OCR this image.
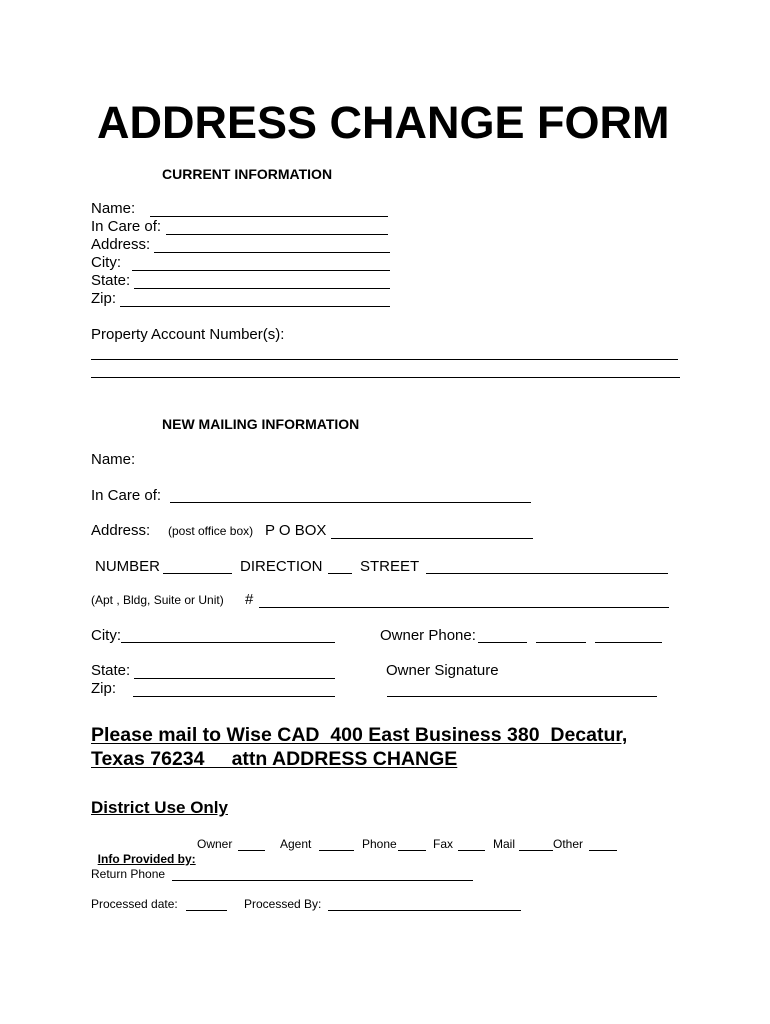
ADDRESS CHANGE FORM
CURRENT INFORMATION
Name:
In Care of:
Address:
City:
State:
Zip:
Property Account Number(s):
NEW MAILING INFORMATION
Name:
In Care of:
Address: (post office box) P O BOX
NUMBER	DIRECTION	STREET
(Apt , Bldg, Suite or Unit) #
City:	Owner Phone:
State:	Owner Signature
Zip:
Please mail to Wise CAD  400 East Business 380  Decatur,
Texas 76234     attn ADDRESS CHANGE
District Use Only

Info Provided by:

Owner	Agent	Phone	Fax	Mail	Other
Return Phone
Processed date:	Processed By:
